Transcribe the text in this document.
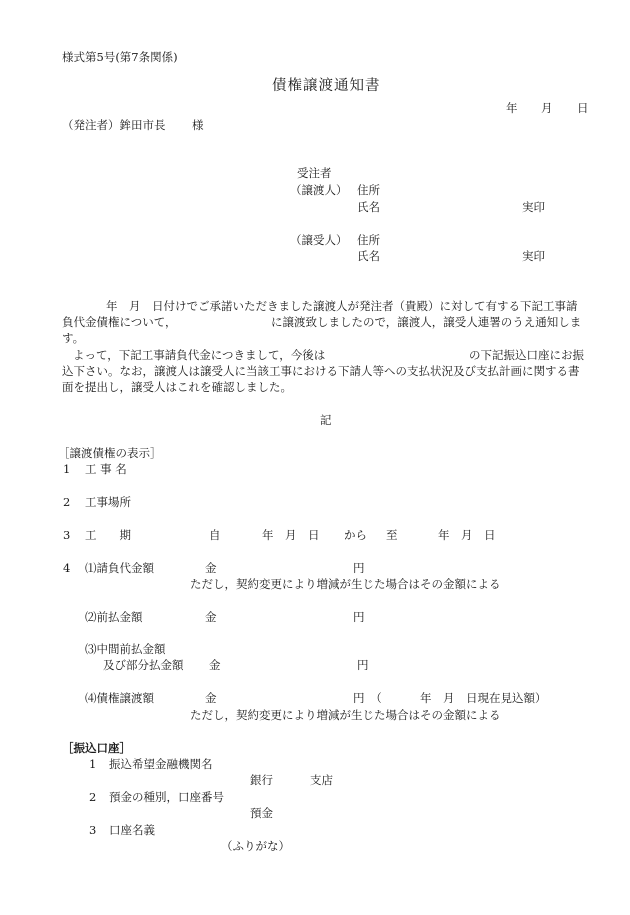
様式第5号(第7条関係)
債権譲渡通知書
年 月 日
（発注者）鉾田市長 様
受注者
（譲渡人） 住所
氏名	実印
（譲受人） 住所
氏名	実印
年　月　日付けでご承諾いただきました譲渡人が発注者（貴殿）に対して有する下記工事請
負代金債権について，	に譲渡致しましたので，譲渡人，譲受人連署のうえ通知しま
す。
よって，下記工事請負代金につきまして，今後は	の下記振込口座にお振
込下さい。なお，譲渡人は譲受人に当該工事における下請人等への支払状況及び支払計画に関する書
面を提出し，譲受人はこれを確認しました。
記
［譲渡債権の表示］
1 工 事 名
2 工事場所
3 工　　期	自	年　月　日 から 至	年　月　日
4 ⑴請負代金額	金	円
ただし，契約変更により増減が生じた場合はその金額による
⑵前払金額	金	円
⑶中間前払金額
及び部分払金額 金	円
⑷債権譲渡額	金	円　（	年　月　日現在見込額）
ただし，契約変更により増減が生じた場合はその金額による
［振込口座］
1 振込希望金融機関名
銀行	支店
2 預金の種別，口座番号
預金
3 口座名義
（ふりがな）
